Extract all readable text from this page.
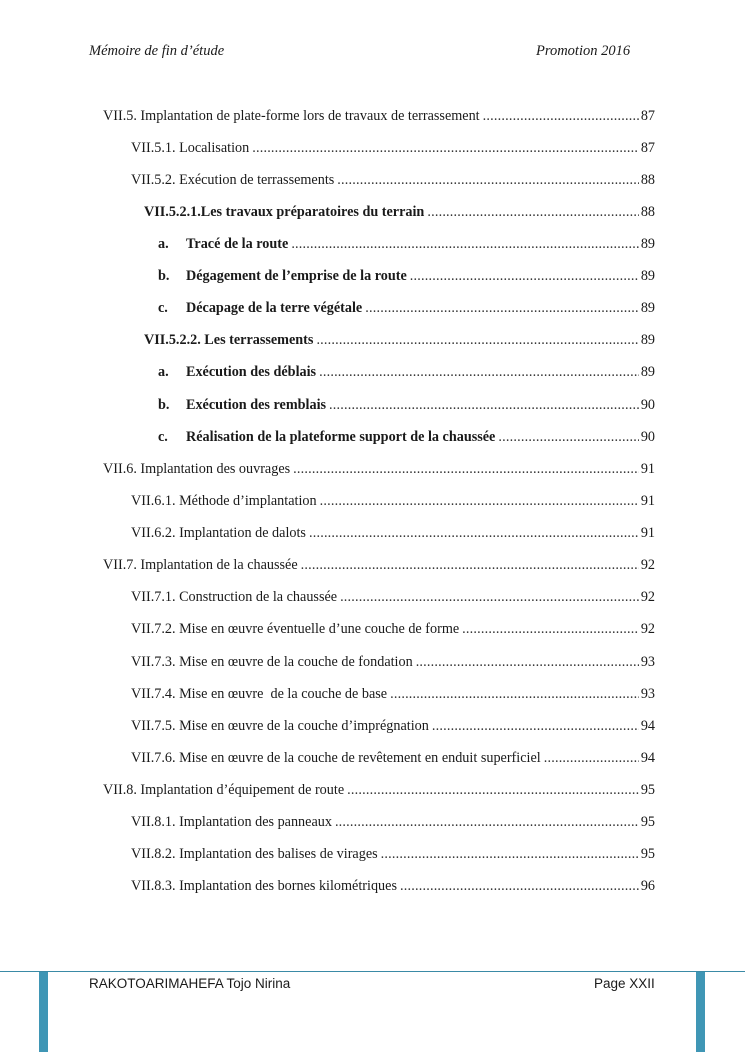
Mémoire de fin d’étude	Promotion 2016
VII.5. Implantation de plate-forme lors de travaux de terrassement .....	87
VII.5.1. Localisation .....	87
VII.5.2. Exécution de terrassements .....	88
VII.5.2.1.Les travaux préparatoires du terrain .....	88
a.	Tracé de la route .....	89
b.	Dégagement de l’emprise de la route .....	89
c.	Décapage de la terre végétale .....	89
VII.5.2.2. Les terrassements .....	89
a.	Exécution des déblais .....	89
b.	Exécution des remblais .....	90
c.	Réalisation de la plateforme support de la chaussée .....	90
VII.6. Implantation des ouvrages .....	91
VII.6.1. Méthode d’implantation .....	91
VII.6.2. Implantation de dalots .....	91
VII.7. Implantation de la chaussée .....	92
VII.7.1. Construction de la chaussée .....	92
VII.7.2. Mise en œuvre éventuelle d’une couche de forme .....	92
VII.7.3. Mise en œuvre de la couche de fondation .....	93
VII.7.4. Mise en œuvre  de la couche de base .....	93
VII.7.5. Mise en œuvre de la couche d’imprégnation .....	94
VII.7.6. Mise en œuvre de la couche de revêtement en enduit superficiel .....	94
VII.8. Implantation d’équipement de route .....	95
VII.8.1. Implantation des panneaux .....	95
VII.8.2. Implantation des balises de virages .....	95
VII.8.3. Implantation des bornes kilométriques .....	96
RAKOTOARIMAHEFA Tojo Nirina	Page XXII
